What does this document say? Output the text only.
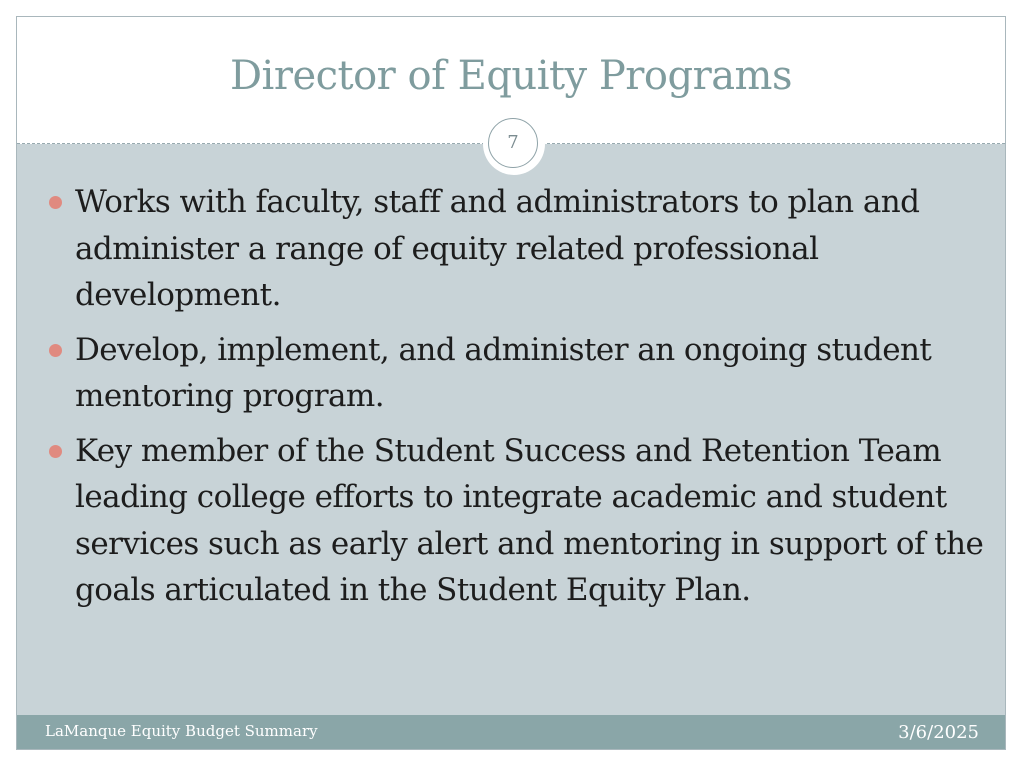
Director of Equity Programs
7
Works with faculty, staff and administrators to plan and administer a range of equity related professional development.
Develop, implement, and administer an ongoing student mentoring program.
Key member of the Student Success and Retention Team leading college efforts to integrate academic and student services such as early alert and mentoring in support of the goals articulated in the Student Equity Plan.
LaManque Equity Budget Summary	3/6/2025
